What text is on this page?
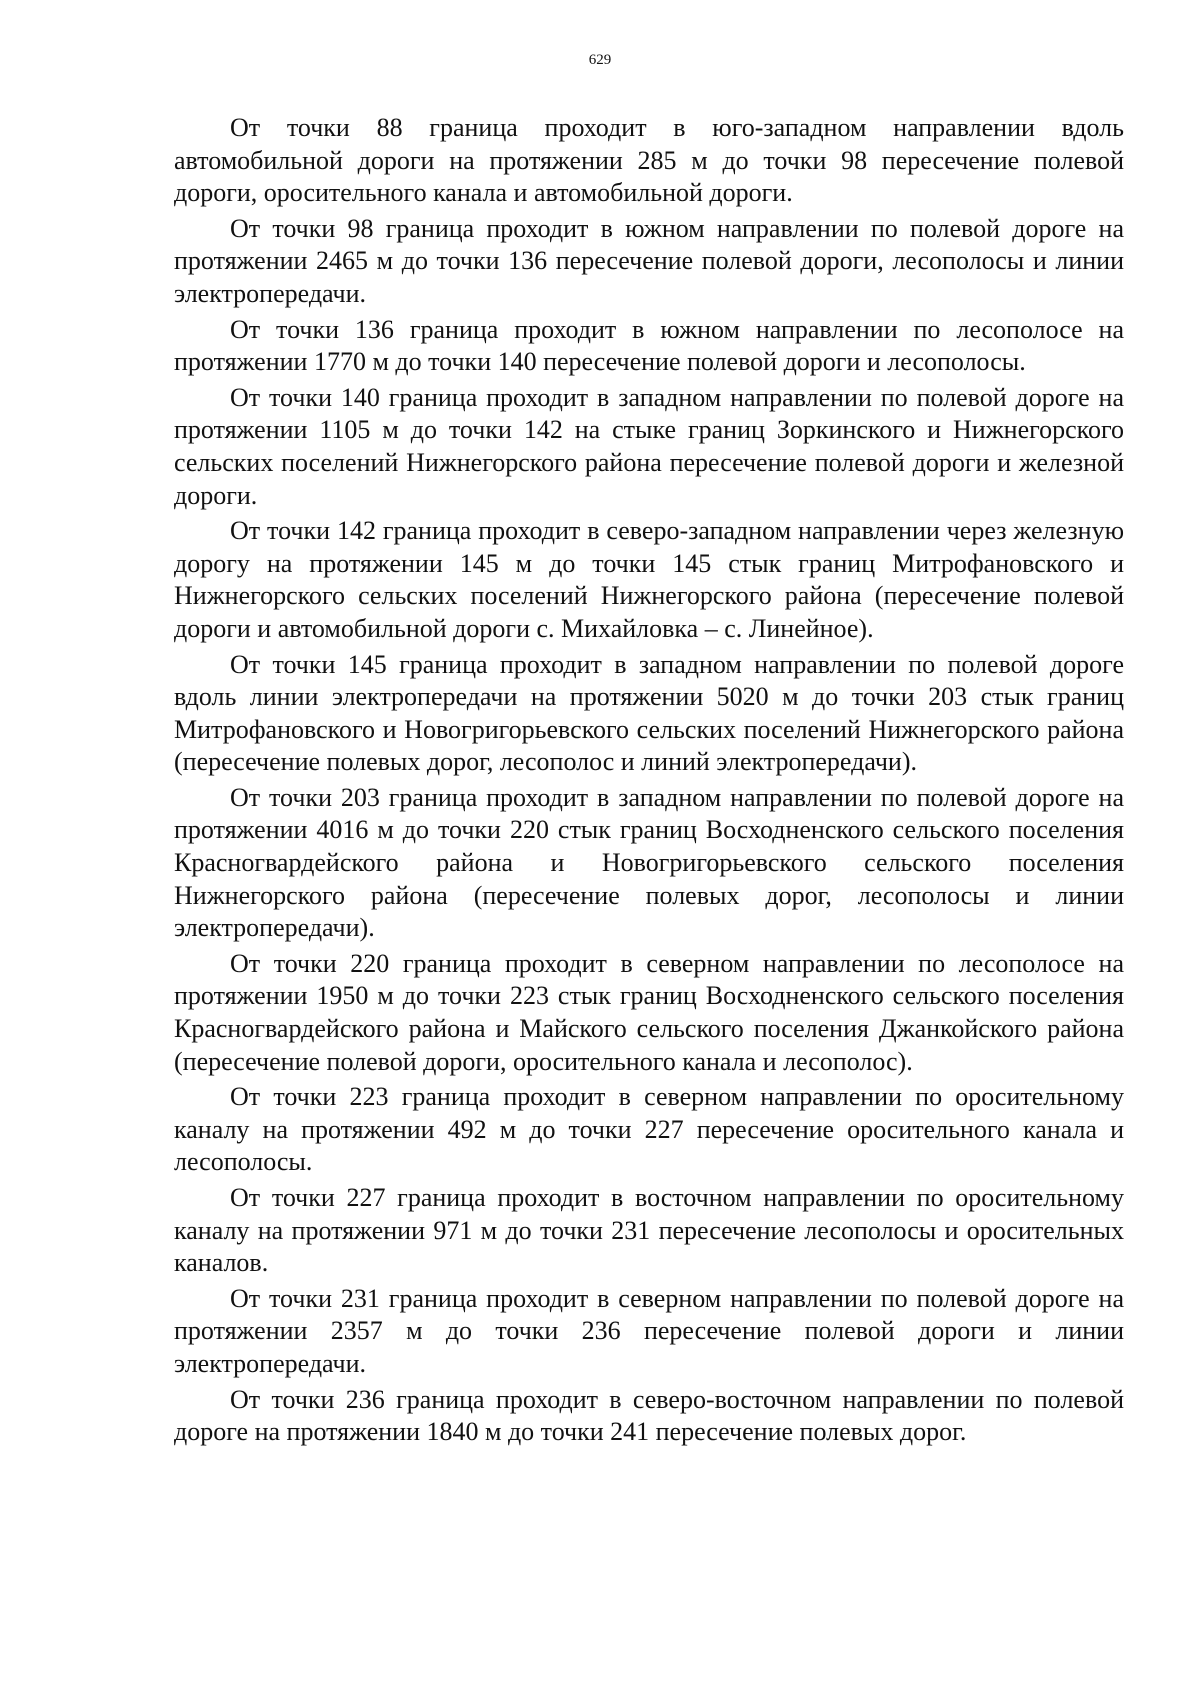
629

От точки 88 граница проходит в юго-западном направлении вдоль автомобильной дороги на протяжении 285 м до точки 98 пересечение полевой дороги, оросительного канала и автомобильной дороги.

От точки 98 граница проходит в южном направлении по полевой дороге на протяжении 2465 м до точки 136 пересечение полевой дороги, лесополосы и линии электропередачи.

От точки 136 граница проходит в южном направлении по лесополосе на протяжении 1770 м до точки 140 пересечение полевой дороги и лесополосы.

От точки 140 граница проходит в западном направлении по полевой дороге на протяжении 1105 м до точки 142 на стыке границ Зоркинского и Нижнегорского сельских поселений Нижнегорского района пересечение полевой дороги и железной дороги.

От точки 142 граница проходит в северо-западном направлении через железную дорогу на протяжении 145 м до точки 145 стык границ Митрофановского и Нижнегорского сельских поселений Нижнегорского района (пересечение полевой дороги и автомобильной дороги с. Михайловка – с. Линейное).

От точки 145 граница проходит в западном направлении по полевой дороге вдоль линии электропередачи на протяжении 5020 м до точки 203 стык границ Митрофановского и Новогригорьевского сельских поселений Нижнегорского района (пересечение полевых дорог, лесополос и линий электропередачи).

От точки 203 граница проходит в западном направлении по полевой дороге на протяжении 4016 м до точки 220 стык границ Восходненского сельского поселения Красногвардейского района и Новогригорьевского сельского поселения Нижнегорского района (пересечение полевых дорог, лесополосы и линии электропередачи).

От точки 220 граница проходит в северном направлении по лесополосе на протяжении 1950 м до точки 223 стык границ Восходненского сельского поселения Красногвардейского района и Майского сельского поселения Джанкойского района (пересечение полевой дороги, оросительного канала и лесополос).

От точки 223 граница проходит в северном направлении по оросительному каналу на протяжении 492 м до точки 227 пересечение оросительного канала и лесополосы.

От точки 227 граница проходит в восточном направлении по оросительному каналу на протяжении 971 м до точки 231 пересечение лесополосы и оросительных каналов.

От точки 231 граница проходит в северном направлении по полевой дороге на протяжении 2357 м до точки 236 пересечение полевой дороги и линии электропередачи.

От точки 236 граница проходит в северо-восточном направлении по полевой дороге на протяжении 1840 м до точки 241 пересечение полевых дорог.
